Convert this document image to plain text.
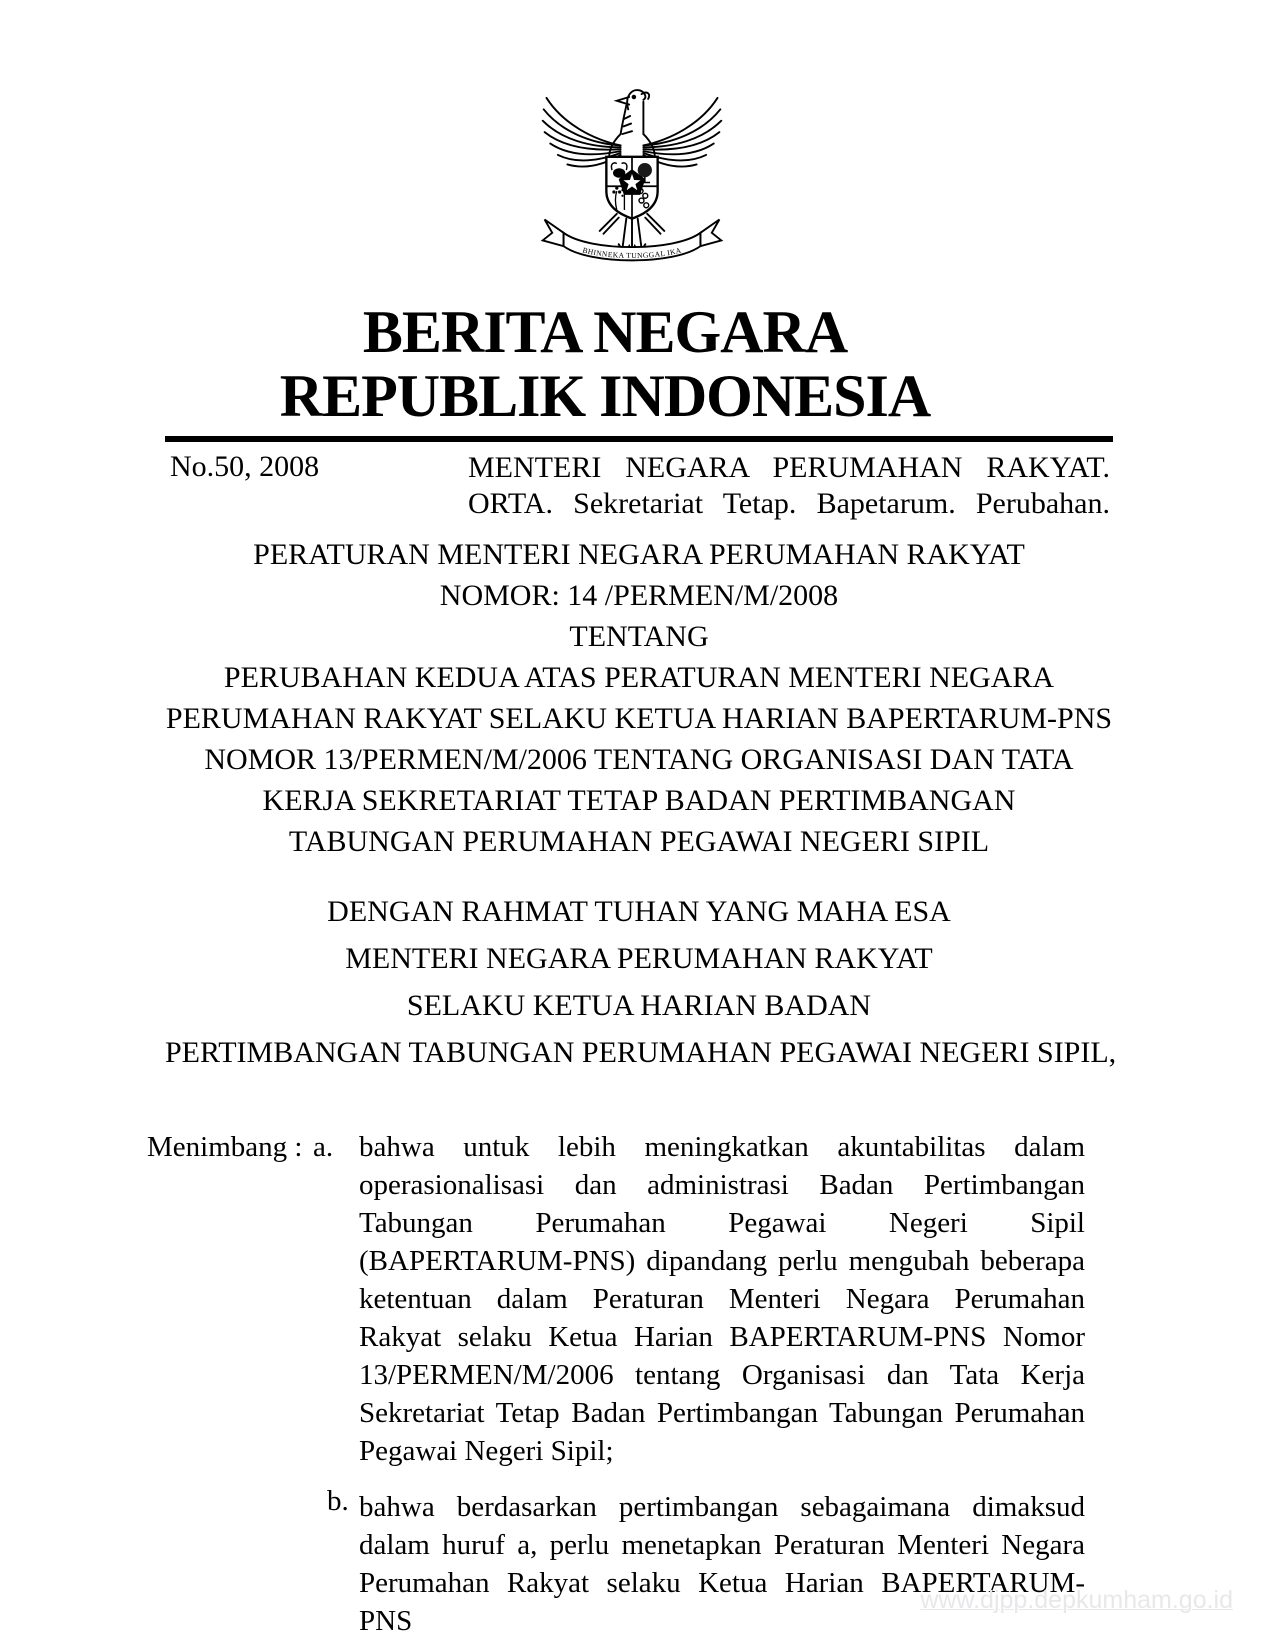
BHINNEKA TUNGGAL IKA
BERITA NEGARA
REPUBLIK INDONESIA
No.50, 2008	MENTERI NEGARA PERUMAHAN RAKYAT.
ORTA. Sekretariat Tetap. Bapetarum. Perubahan.
PERATURAN MENTERI NEGARA PERUMAHAN RAKYAT
NOMOR: 14 /PERMEN/M/2008
TENTANG
PERUBAHAN KEDUA ATAS PERATURAN MENTERI NEGARA
PERUMAHAN RAKYAT SELAKU KETUA HARIAN BAPERTARUM-PNS
NOMOR 13/PERMEN/M/2006 TENTANG ORGANISASI DAN TATA
KERJA SEKRETARIAT TETAP BADAN PERTIMBANGAN
TABUNGAN PERUMAHAN PEGAWAI NEGERI SIPIL
DENGAN RAHMAT TUHAN YANG MAHA ESA
MENTERI NEGARA PERUMAHAN RAKYAT
SELAKU KETUA HARIAN BADAN
PERTIMBANGAN TABUNGAN PERUMAHAN PEGAWAI NEGERI SIPIL,
Menimbang : a. bahwa untuk lebih meningkatkan akuntabilitas dalam operasionalisasi dan administrasi Badan Pertimbangan Tabungan Perumahan Pegawai Negeri Sipil (BAPERTARUM-PNS) dipandang perlu mengubah beberapa ketentuan dalam Peraturan Menteri Negara Perumahan Rakyat selaku Ketua Harian BAPERTARUM-PNS Nomor 13/PERMEN/M/2006 tentang Organisasi dan Tata Kerja Sekretariat Tetap Badan Pertimbangan Tabungan Perumahan Pegawai Negeri Sipil;
b. bahwa berdasarkan pertimbangan sebagaimana dimaksud dalam huruf a, perlu menetapkan Peraturan Menteri Negara Perumahan Rakyat selaku Ketua Harian BAPERTARUM-PNS
www.djpp.depkumham.go.id
